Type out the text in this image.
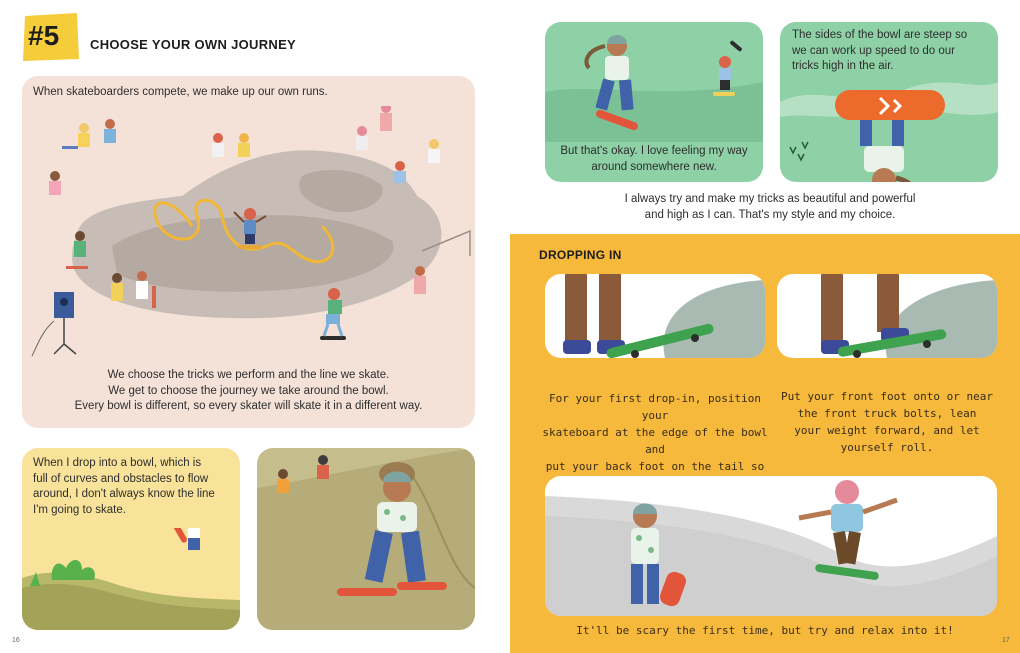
#5 CHOOSE YOUR OWN JOURNEY
When skateboarders compete, we make up our own runs.
We choose the tricks we perform and the line we skate.
We get to choose the journey we take around the bowl.
Every bowl is different, so every skater will skate it in a different way.
When I drop into a bowl, which is
full of curves and obstacles to flow
around, I don't always know the line
I'm going to skate.
16
But that's okay. I love feeling my way
around somewhere new.
The sides of the bowl are steep so
we can work up speed to do our
tricks high in the air.
I always try and make my tricks as beautiful and powerful
and high as I can. That's my style and my choice.
DROPPING IN
For your first drop-in, position your
skateboard at the edge of the bowl and
put your back foot on the tail so
Put your front foot onto or near
the front truck bolts, lean
your weight forward, and let
yourself roll.
It'll be scary the first time, but try and relax into it!
17
